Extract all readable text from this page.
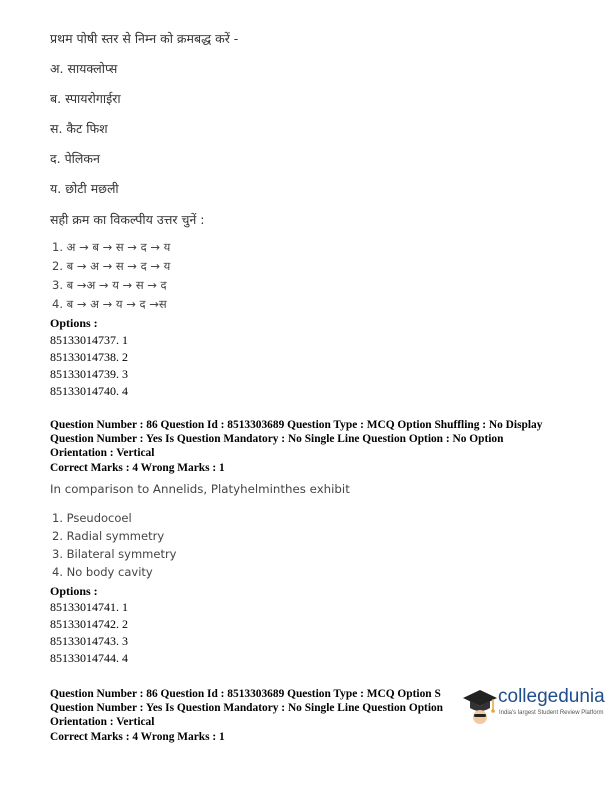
प्रथम पोषी स्तर से निम्न को क्रमबद्ध करें -
अ. सायक्लोप्स
ब. स्पायरोगाईरा
स. कैट फिश
द. पेलिकन
य. छोटी मछली
सही क्रम का विकल्पीय उत्तर चुनें :
1. अ → ब → स → द → य
2. ब → अ → स → द → य
3. ब →अ → य → स → द
4. ब → अ → य → द →स
Options :
85133014737. 1
85133014738. 2
85133014739. 3
85133014740. 4
Question Number : 86 Question Id : 8513303689 Question Type : MCQ Option Shuffling : No Display
Question Number : Yes Is Question Mandatory : No Single Line Question Option : No Option
Orientation : Vertical
Correct Marks : 4 Wrong Marks : 1
In comparison to Annelids, Platyhelminthes exhibit
1. Pseudocoel
2. Radial symmetry
3. Bilateral symmetry
4. No body cavity
Options :
85133014741. 1
85133014742. 2
85133014743. 3
85133014744. 4
Question Number : 86 Question Id : 8513303689 Question Type : MCQ Option S
Question Number : Yes Is Question Mandatory : No Single Line Question Option
Orientation : Vertical
Correct Marks : 4 Wrong Marks : 1
collegedunia
India's largest Student Review Platform
